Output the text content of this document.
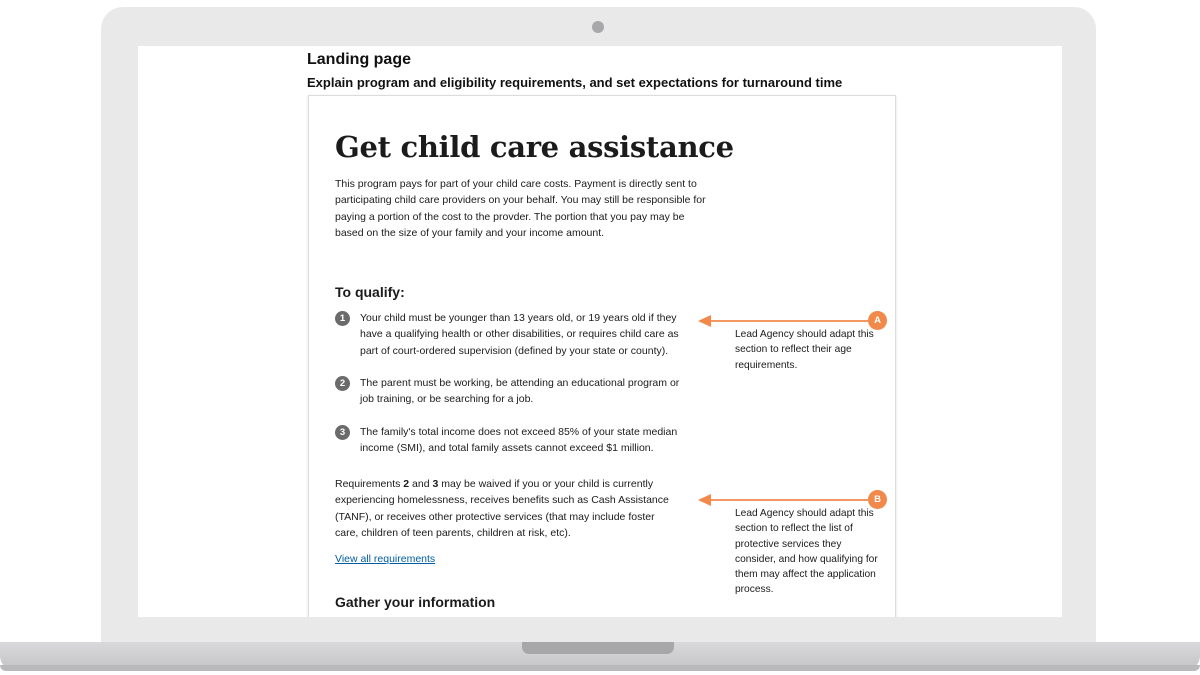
Landing page
Explain program and eligibility requirements, and set expectations for turnaround time
Get child care assistance

This program pays for part of your child care costs. Payment is directly sent to participating child care providers on your behalf. You may still be responsible for paying a portion of the cost to the provder. The portion that you pay may be based on the size of your family and your income amount.

To qualify:
1	Your child must be younger than 13 years old, or 19 years old if they have a qualifying health or other disabilities, or requires child care as part of court-ordered supervision (defined by your state or county).
2	The parent must be working, be attending an educational program or job training, or be searching for a job.
3	The family's total income does not exceed 85% of your state median income (SMI), and total family assets cannot exceed $1 million.

Requirements 2 and 3 may be waived if you or your child is currently experiencing homelessness, receives benefits such as Cash Assistance (TANF), or receives other protective services (that may include foster care, children of teen parents, children at risk, etc).

View all requirements
Gather your information
A
Lead Agency should adapt this section to reflect their age requirements.
B
Lead Agency should adapt this section to reflect the list of protective services they consider, and how qualifying for them may affect the application process.
